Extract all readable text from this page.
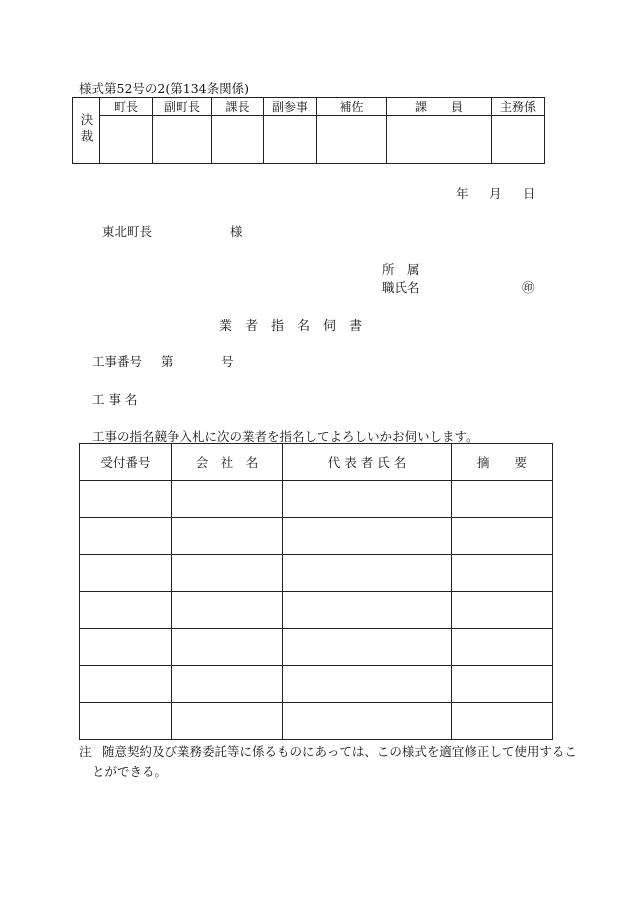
様式第52号の2(第134条関係)
決裁	町長	副町長	課長	副参事	補佐	課　　員	主務係

年 月 日
東北町長	様
所　属
職氏名	㊞
業　者　指　名　伺　書
工事番号 第	号
工 事 名
工事の指名競争入札に次の業者を指名してよろしいかお伺いします。
受付番号	会　社　名	代 表 者 氏 名	摘　　要

注 随意契約及び業務委託等に係るものにあっては、この様式を適宜修正して使用するこ
とができる。
